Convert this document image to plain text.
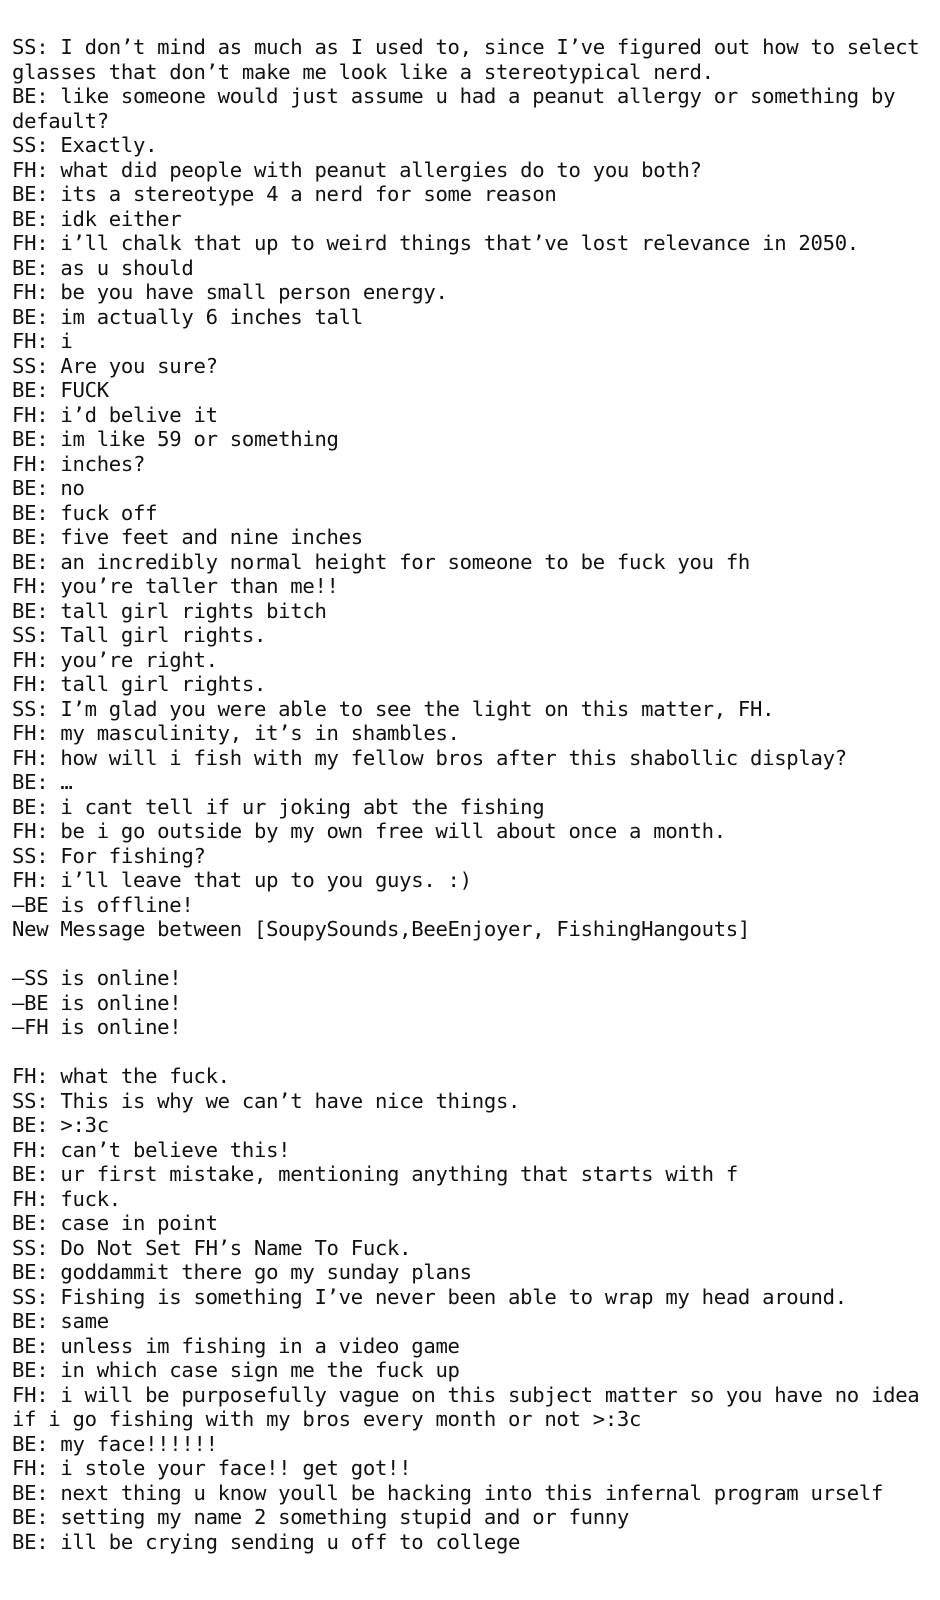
SS: I don’t mind as much as I used to, since I’ve figured out how to select glasses that don’t make me look like a stereotypical nerd.
BE: like someone would just assume u had a peanut allergy or something by default?
SS: Exactly.
FH: what did people with peanut allergies do to you both?
BE: its a stereotype 4 a nerd for some reason
BE: idk either
FH: i’ll chalk that up to weird things that’ve lost relevance in 2050.
BE: as u should
FH: be you have small person energy.
BE: im actually 6 inches tall
FH: i
SS: Are you sure?
BE: FUCK
FH: i’d belive it
BE: im like 59 or something
FH: inches?
BE: no
BE: fuck off
BE: five feet and nine inches
BE: an incredibly normal height for someone to be fuck you fh
FH: you’re taller than me!!
BE: tall girl rights bitch
SS: Tall girl rights.
FH: you’re right.
FH: tall girl rights.
SS: I’m glad you were able to see the light on this matter, FH.
FH: my masculinity, it’s in shambles.
FH: how will i fish with my fellow bros after this shabollic display?
BE: …
BE: i cant tell if ur joking abt the fishing
FH: be i go outside by my own free will about once a month.
SS: For fishing?
FH: i’ll leave that up to you guys. :)
—BE is offline!
New Message between [SoupySounds,BeeEnjoyer, FishingHangouts]
—SS is online!
—BE is online!
—FH is online!
FH: what the fuck.
SS: This is why we can’t have nice things.
BE: >:3c
FH: can’t believe this!
BE: ur first mistake, mentioning anything that starts with f
FH: fuck.
BE: case in point
SS: Do Not Set FH’s Name To Fuck.
BE: goddammit there go my sunday plans
SS: Fishing is something I’ve never been able to wrap my head around.
BE: same
BE: unless im fishing in a video game
BE: in which case sign me the fuck up
FH: i will be purposefully vague on this subject matter so you have no idea if i go fishing with my bros every month or not >:3c
BE: my face!!!!!!
FH: i stole your face!! get got!!
BE: next thing u know youll be hacking into this infernal program urself
BE: setting my name 2 something stupid and or funny
BE: ill be crying sending u off to college
